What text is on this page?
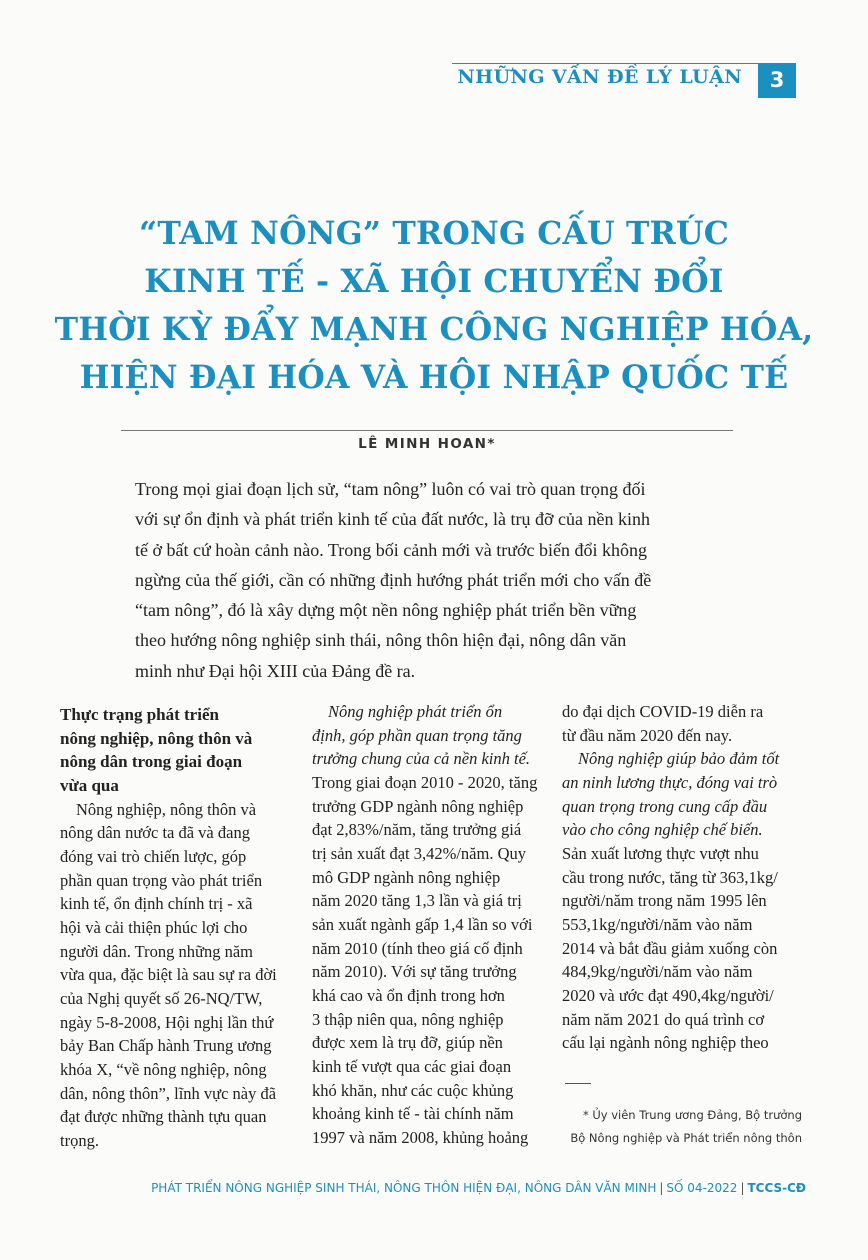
NHỮNG VẤN ĐỀ LÝ LUẬN	3
“TAM NÔNG” TRONG CẤU TRÚC
KINH TẾ - XÃ HỘI CHUYỂN ĐỔI
THỜI KỲ ĐẨY MẠNH CÔNG NGHIỆP HÓA,
HIỆN ĐẠI HÓA VÀ HỘI NHẬP QUỐC TẾ
LÊ MINH HOAN*
Trong mọi giai đoạn lịch sử, “tam nông” luôn có vai trò quan trọng đối
với sự ổn định và phát triển kinh tế của đất nước, là trụ đỡ của nền kinh
tế ở bất cứ hoàn cảnh nào. Trong bối cảnh mới và trước biến đổi không
ngừng của thế giới, cần có những định hướng phát triển mới cho vấn đề
“tam nông”, đó là xây dựng một nền nông nghiệp phát triển bền vững
theo hướng nông nghiệp sinh thái, nông thôn hiện đại, nông dân văn
minh như Đại hội XIII của Đảng đề ra.
Thực trạng phát triển
nông nghiệp, nông thôn và
nông dân trong giai đoạn
vừa qua
Nông nghiệp, nông thôn và
nông dân nước ta đã và đang
đóng vai trò chiến lược, góp
phần quan trọng vào phát triển
kinh tế, ổn định chính trị - xã
hội và cải thiện phúc lợi cho
người dân. Trong những năm
vừa qua, đặc biệt là sau sự ra đời
của Nghị quyết số 26-NQ/TW,
ngày 5-8-2008, Hội nghị lần thứ
bảy Ban Chấp hành Trung ương
khóa X, “về nông nghiệp, nông
dân, nông thôn”, lĩnh vực này đã
đạt được những thành tựu quan
trọng.
Nông nghiệp phát triển ổn
định, góp phần quan trọng tăng
trưởng chung của cả nền kinh tế.
Trong giai đoạn 2010 - 2020, tăng
trưởng GDP ngành nông nghiệp
đạt 2,83%/năm, tăng trưởng giá
trị sản xuất đạt 3,42%/năm. Quy
mô GDP ngành nông nghiệp
năm 2020 tăng 1,3 lần và giá trị
sản xuất ngành gấp 1,4 lần so với
năm 2010 (tính theo giá cố định
năm 2010). Với sự tăng trưởng
khá cao và ổn định trong hơn
3 thập niên qua, nông nghiệp
được xem là trụ đỡ, giúp nền
kinh tế vượt qua các giai đoạn
khó khăn, như các cuộc khủng
khoảng kinh tế - tài chính năm
1997 và năm 2008, khủng hoảng
do đại dịch COVID-19 diễn ra
từ đầu năm 2020 đến nay.
Nông nghiệp giúp bảo đảm tốt
an ninh lương thực, đóng vai trò
quan trọng trong cung cấp đầu
vào cho công nghiệp chế biến.
Sản xuất lương thực vượt nhu
cầu trong nước, tăng từ 363,1kg/
người/năm trong năm 1995 lên
553,1kg/người/năm vào năm
2014 và bắt đầu giảm xuống còn
484,9kg/người/năm vào năm
2020 và ước đạt 490,4kg/người/
năm năm 2021 do quá trình cơ
cấu lại ngành nông nghiệp theo
* Ủy viên Trung ương Đảng, Bộ trưởng
Bộ Nông nghiệp và Phát triển nông thôn
PHÁT TRIỂN NÔNG NGHIỆP SINH THÁI, NÔNG THÔN HIỆN ĐẠI, NÔNG DÂN VĂN MINH | SỐ 04-2022 | TCCS-CĐ
